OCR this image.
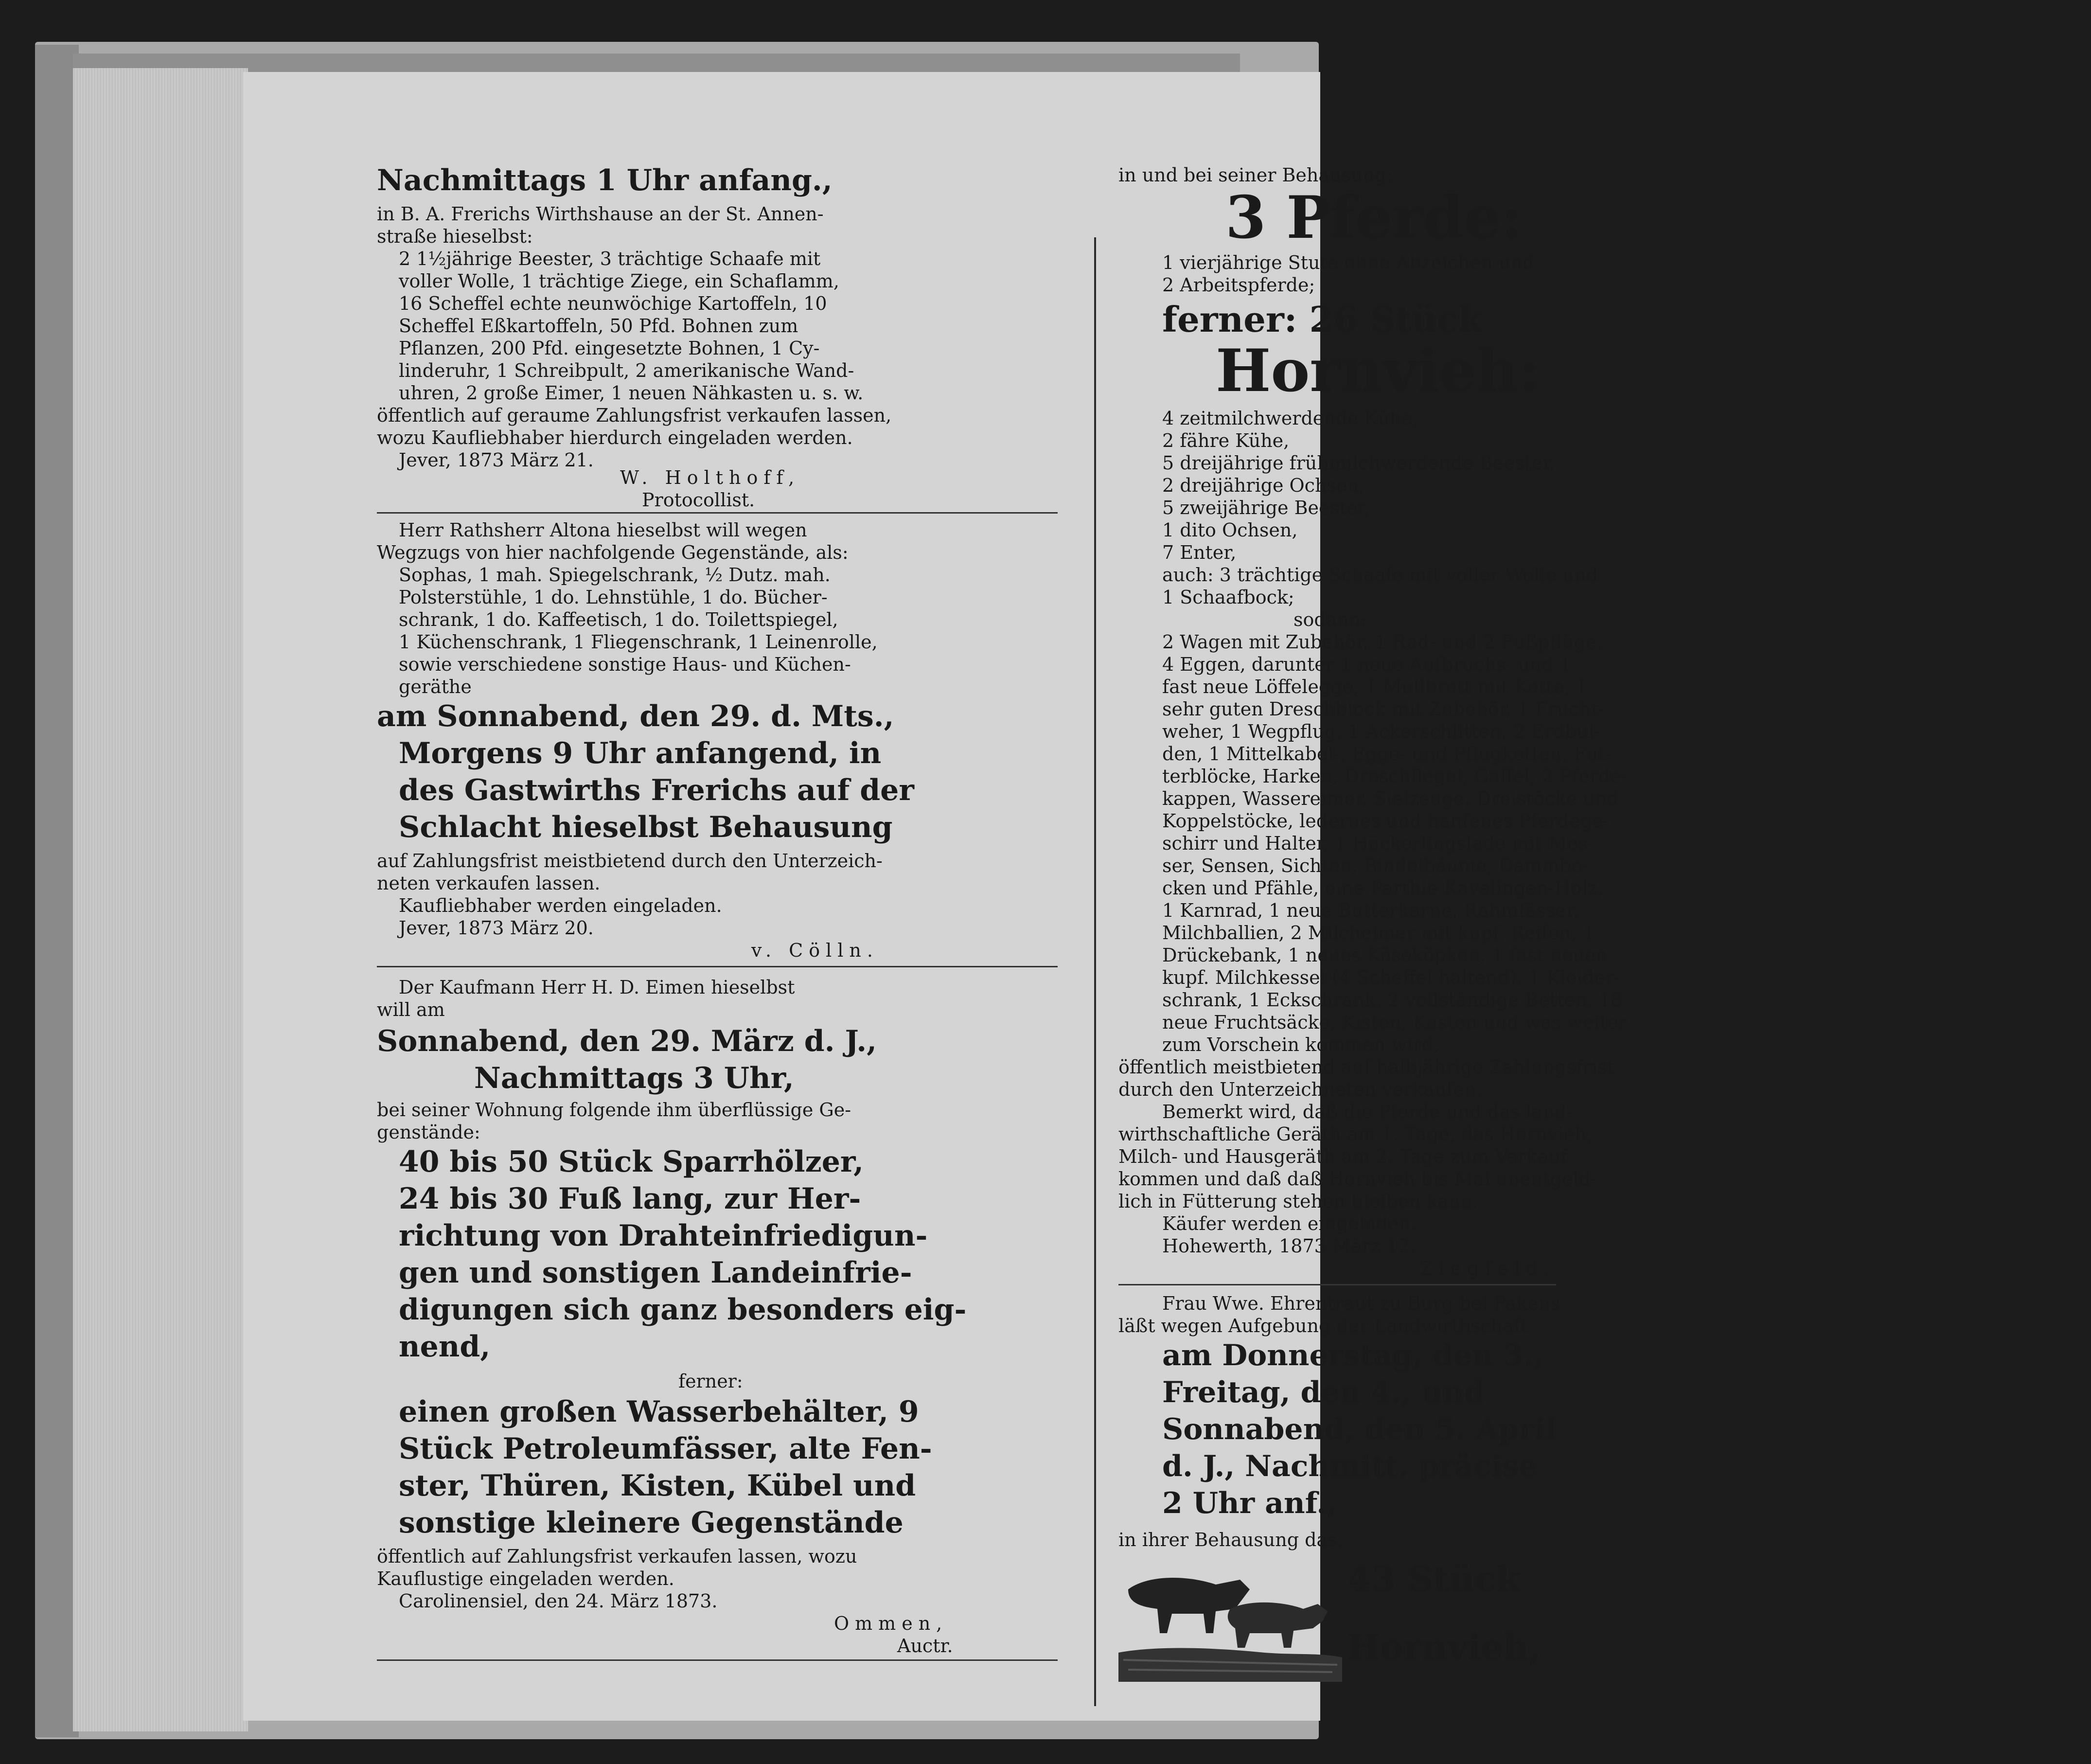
Nachmittags 1 Uhr anfang.,
in B. A. Frerichs Wirthshause an der St. Annen-
straße hieselbst:
2 1½jährige Beester, 3 trächtige Schaafe mit
voller Wolle, 1 trächtige Ziege, ein Schaflamm,
16 Scheffel echte neunwöchige Kartoffeln, 10
Scheffel Eßkartoffeln, 50 Pfd. Bohnen zum
Pflanzen, 200 Pfd. eingesetzte Bohnen, 1 Cy-
linderuhr, 1 Schreibpult, 2 amerikanische Wand-
uhren, 2 große Eimer, 1 neuen Nähkasten u. s. w.
öffentlich auf geraume Zahlungsfrist verkaufen lassen,
wozu Kaufliebhaber hierdurch eingeladen werden.
Jever, 1873 März 21.
W. Holthoff,
Protocollist.
Herr Rathsherr Altona hieselbst will wegen
Wegzugs von hier nachfolgende Gegenstände, als:
Sophas, 1 mah. Spiegelschrank, ½ Dutz. mah.
Polsterstühle, 1 do. Lehnstühle, 1 do. Bücher-
schrank, 1 do. Kaffeetisch, 1 do. Toilettspiegel,
1 Küchenschrank, 1 Fliegenschrank, 1 Leinenrolle,
sowie verschiedene sonstige Haus- und Küchen-
geräthe
am Sonnabend, den 29. d. Mts.,
Morgens 9 Uhr anfangend, in
des Gastwirths Frerichs auf der
Schlacht hieselbst Behausung
auf Zahlungsfrist meistbietend durch den Unterzeich-
neten verkaufen lassen.
Kaufliebhaber werden eingeladen.
Jever, 1873 März 20.
v. Cölln.
Der Kaufmann Herr H. D. Eimen hieselbst
will am
Sonnabend, den 29. März d. J.,
Nachmittags 3 Uhr,
bei seiner Wohnung folgende ihm überflüssige Ge-
genstände:
40 bis 50 Stück Sparrhölzer,
24 bis 30 Fuß lang, zur Her-
richtung von Drahteinfriedigun-
gen und sonstigen Landeinfrie-
digungen sich ganz besonders eig-
nend,
ferner:
einen großen Wasserbehälter, 9
Stück Petroleumfässer, alte Fen-
ster, Thüren, Kisten, Kübel und
sonstige kleinere Gegenstände
öffentlich auf Zahlungsfrist verkaufen lassen, wozu
Kauflustige eingeladen werden.
Carolinensiel, den 24. März 1873.
Ommen,
Auctr.
in und bei seiner Behausung:
3 Pferde:
1 vierjährige Stute ohne Abzeichen und
2 Arbeitspferde;
ferner: 26 Stück
Hornvieh:
4 zeitmilchwerdende Kühe,
2 fähre Kühe,
5 dreijährige frühmilchwerdende Beester,
2 dreijährige Ochsen,
5 zweijährige Beester,
1 dito Ochsen,
7 Enter,
auch: 3 trächtige Schaafe mit voller Wolle und
1 Schaafbock;
sodann:
2 Wagen mit Zubehör, 1 Rad- und 2 Fußpflüge,
4 Eggen, darunter 1 neue Aufbruchs- und 1
fast neue Löffelegge, 1 Mullbrett mit Kette, 1
sehr guten Dreschblock mit Zubehör, 1 Frucht-
weher, 1 Wegpflug, 1 Ackerschlitten, 2 Erdbul-
den, 1 Mittelkabel-, Egge- und Pflugketten, Fut-
terblöcke, Harken, Dreschflegel, Gaffel, 2 Pferde-
kappen, Wassereimer, Sielzeuge, Dreistöcke und
Koppelstöcke, ledernes und hanfenes Pferdege-
schirr und Halter, 1 Häckerlingslade mit Mes-
ser, Sensen, Sichten, Bindelbäume, Dammbo-
cken und Pfähle, eine Parthie Kavelingen-Holz,
1 Karnrad, 1 neue Butterkarne, Rahmfässer,
Milchballien, 2 Milcheimer mit kupf. Reifen, 1
Drückebank, 1 neues Käseköpken, 1 fast neuen
kupf. Milchkessel (4 Scheffel haltend), 1 Kleider-
schrank, 1 Eckschrank, 2 vollständige Betten, 18
neue Fruchtsäcke, Kisten, Kasten und was weiter
zum Vorschein kommen wird,
öffentlich meistbietend auf halbjährige Zahlungsfrist
durch den Unterzeichneten verkaufen.
Bemerkt wird, daß die Pferde und das land-
wirthschaftliche Geräth am 1. Tage, das Hornvieh,
Milch- und Hausgeräth am 2. Tage zum Verkauf
kommen und daß daß Hornvieh bis Mai unentgeld-
lich in Fütterung stehen bleiben kann.
Käufer werden eingeladen.
Hohewerth, 1873 März 12.
Ziegfeld.
Frau Wwe. Ehrentraut zu Burg bei Pakens
läßt wegen Aufgebung der Landwirthschaft
am Donnerstag, den 3.,
Freitag, den 4., und
Sonnabend, den 5. April
d. J., Nachmitt. präcise
2 Uhr anf.,
in ihrer Behausung das.
43 Stück
Hornvieh,
